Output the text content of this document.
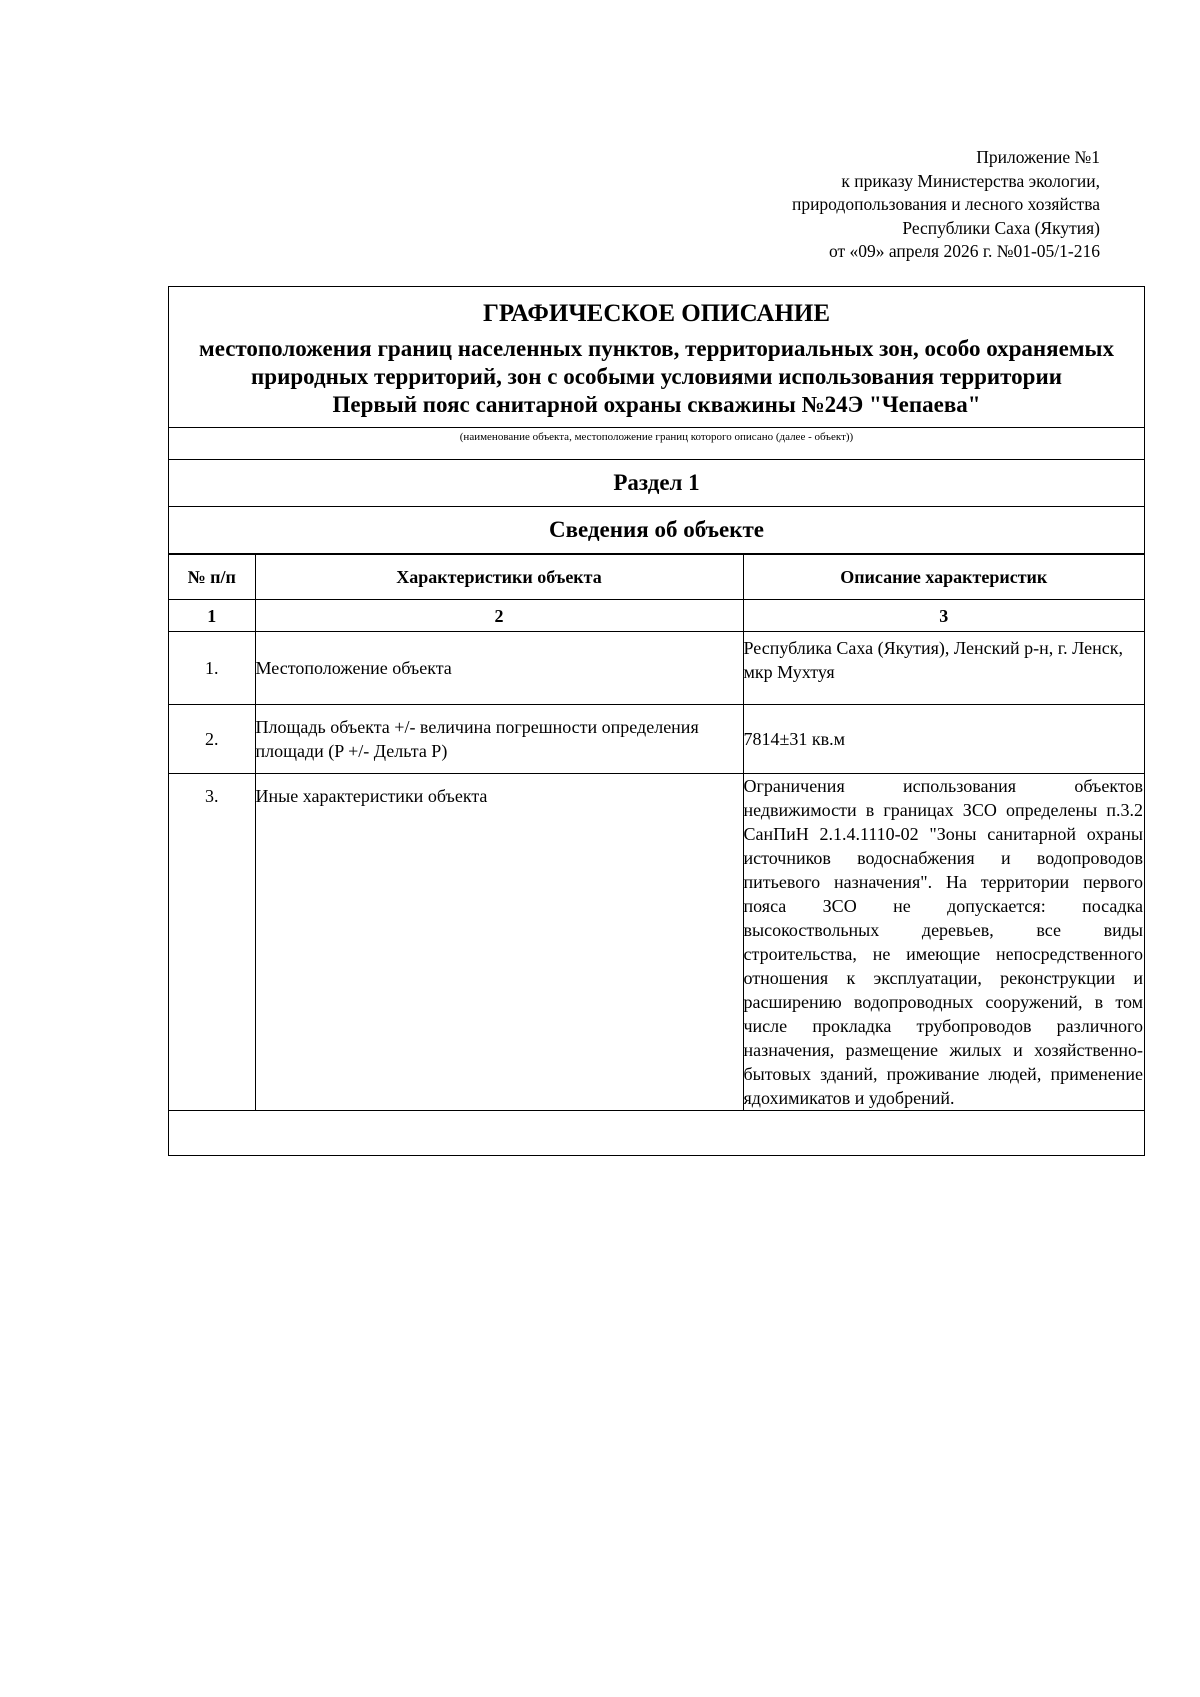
Приложение №1
к приказу Министерства экологии,
природопользования и лесного хозяйства
Республики Саха (Якутия)
от «09» апреля 2026 г. №01-05/1-216
ГРАФИЧЕСКОЕ ОПИСАНИЕ
местоположения границ населенных пунктов, территориальных зон, особо охраняемых природных территорий, зон с особыми условиями использования территории
Первый пояс санитарной охраны скважины №24Э "Чепаева"
(наименование объекта, местоположение границ которого описано (далее - объект))
Раздел 1
Сведения об объекте
№ п/п	Характеристики объекта	Описание характеристик
1	2	3
1.	Местоположение объекта	Республика Саха (Якутия), Ленский р-н, г. Ленск, мкр Мухтуя
2.	Площадь объекта +/- величина погрешности определения площади (P +/- Дельта P)	7814±31 кв.м
3.	Иные характеристики объекта	Ограничения использования объектов недвижимости в границах ЗСО определены п.3.2 СанПиН 2.1.4.1110-02 "Зоны санитарной охраны источников водоснабжения и водопроводов питьевого назначения". На территории первого пояса ЗСО не допускается: посадка высокоствольных деревьев, все виды строительства, не имеющие непосредственного отношения к эксплуатации, реконструкции и расширению водопроводных сооружений, в том числе прокладка трубопроводов различного назначения, размещение жилых и хозяйственно-бытовых зданий, проживание людей, применение ядохимикатов и удобрений.
